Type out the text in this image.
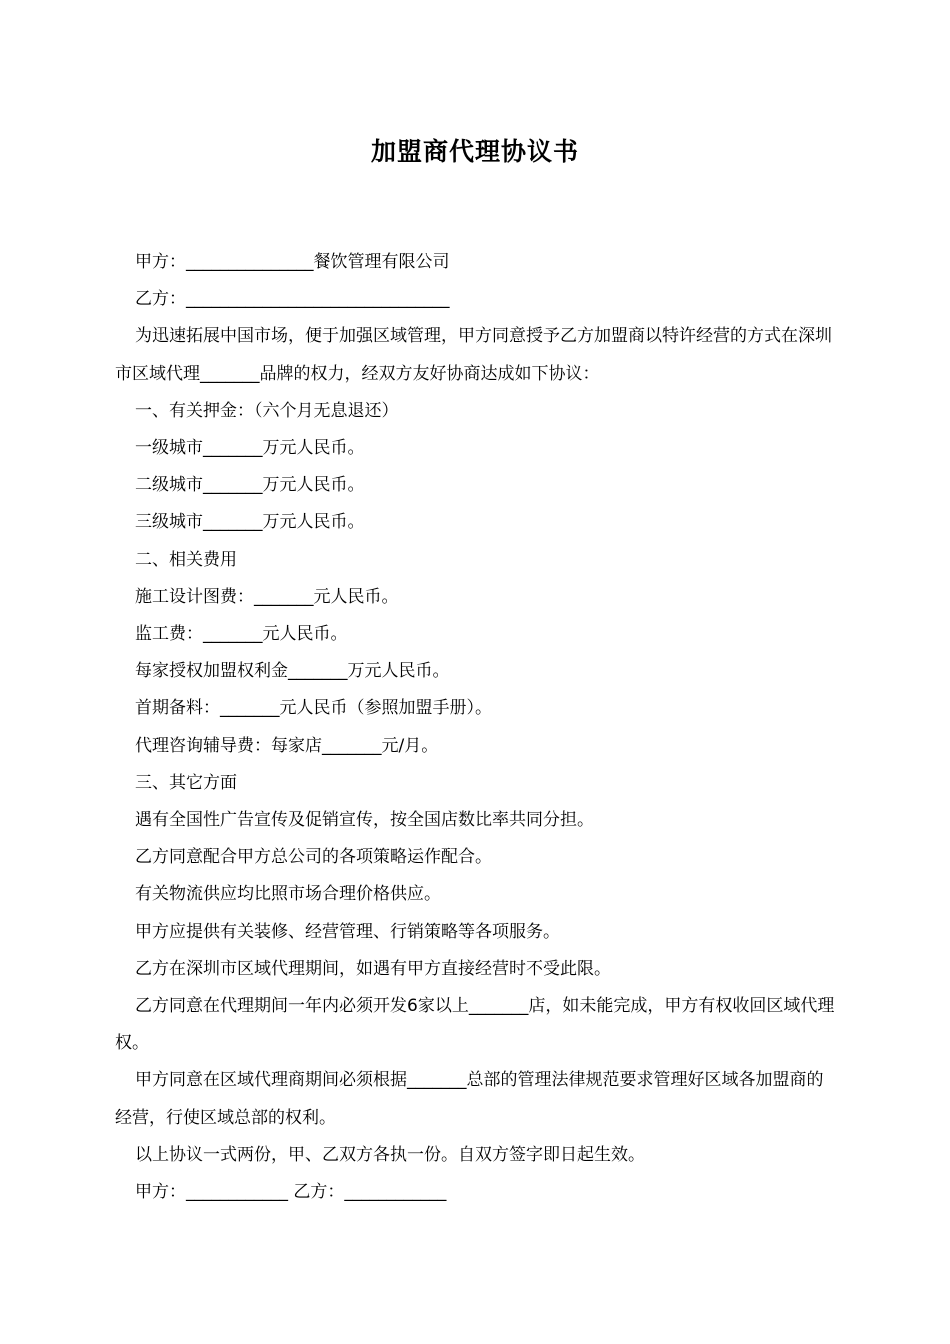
加盟商代理协议书

甲方：_______________餐饮管理有限公司

乙方：_______________________________

为迅速拓展中国市场，便于加强区域管理，甲方同意授予乙方加盟商以特许经营的方式在深圳市区域代理_______品牌的权力，经双方友好协商达成如下协议：

一、有关押金：（六个月无息退还）

一级城市_______万元人民币。

二级城市_______万元人民币。

三级城市_______万元人民币。

二、相关费用

施工设计图费：_______元人民币。

监工费：_______元人民币。

每家授权加盟权利金_______万元人民币。

首期备料：_______元人民币（参照加盟手册）。

代理咨询辅导费：每家店_______元/月。

三、其它方面

遇有全国性广告宣传及促销宣传，按全国店数比率共同分担。

乙方同意配合甲方总公司的各项策略运作配合。

有关物流供应均比照市场合理价格供应。

甲方应提供有关装修、经营管理、行销策略等各项服务。

乙方在深圳市区域代理期间，如遇有甲方直接经营时不受此限。

乙方同意在代理期间一年内必须开发6家以上_______店，如未能完成，甲方有权收回区域代理权。

甲方同意在区域代理商期间必须根据_______总部的管理法律规范要求管理好区域各加盟商的经营，行使区域总部的权利。

以上协议一式两份，甲、乙双方各执一份。自双方签字即日起生效。

甲方：____________ 乙方：____________
